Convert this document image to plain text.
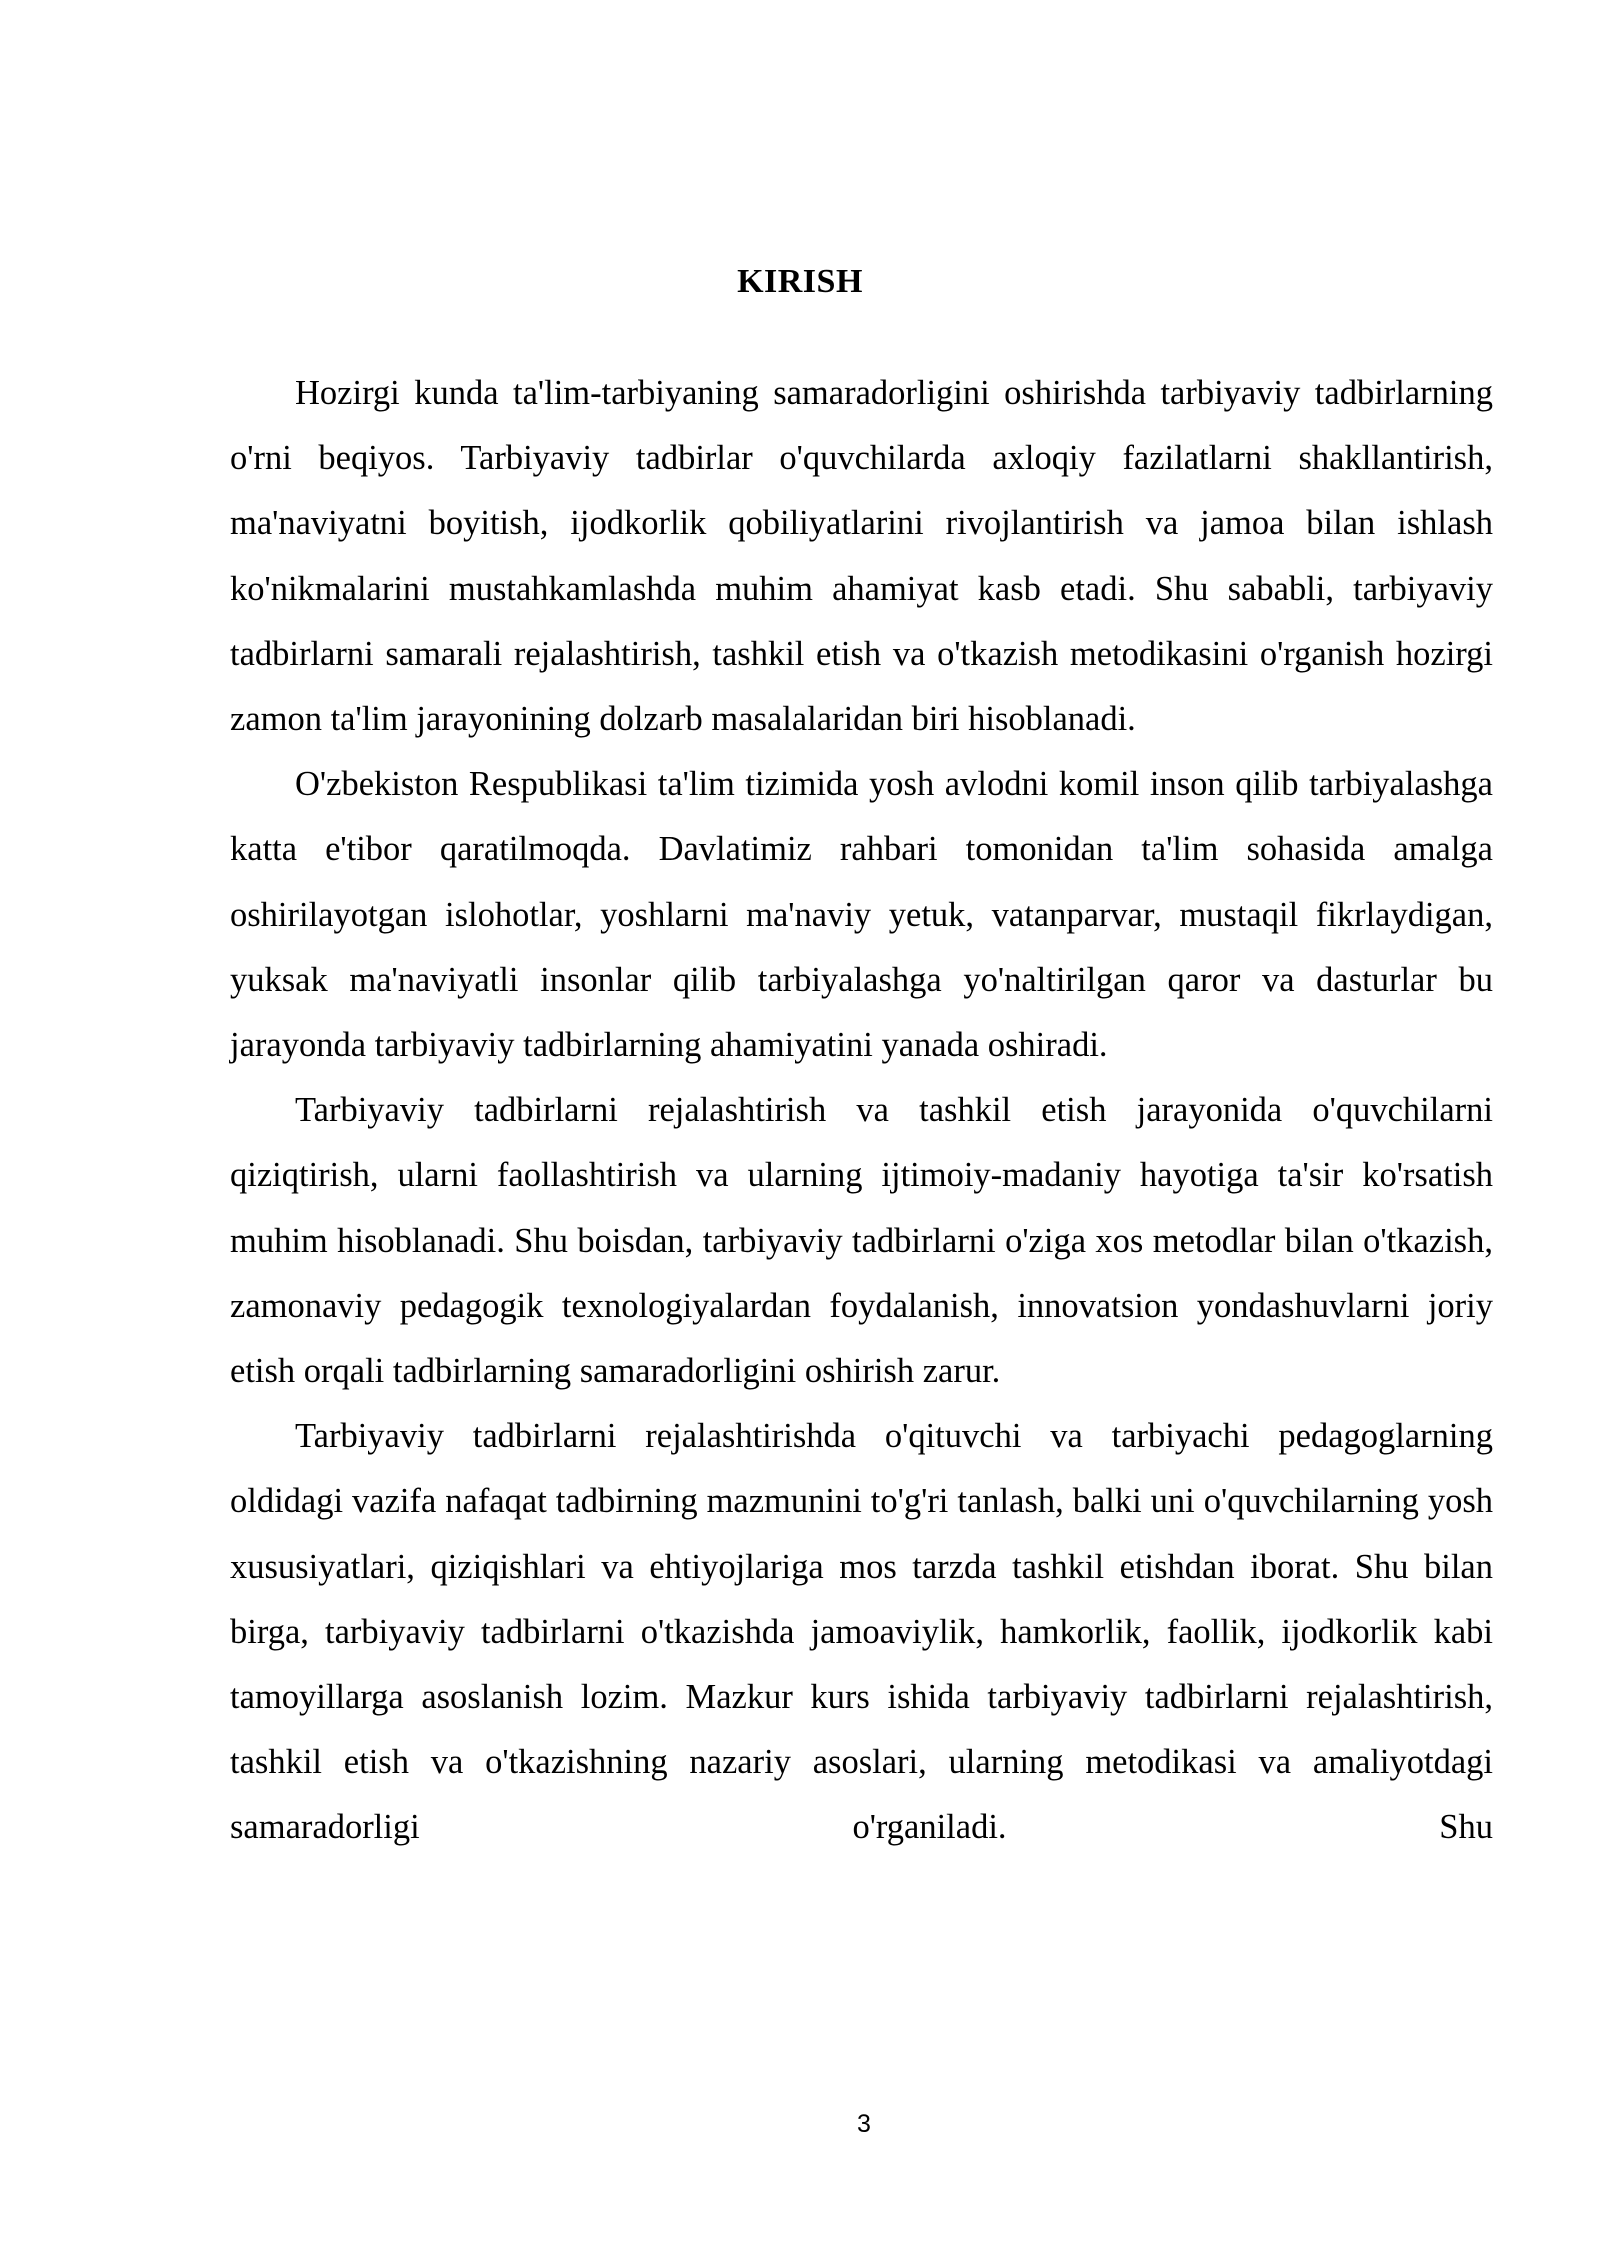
KIRISH

Hozirgi kunda ta'lim-tarbiyaning samaradorligini oshirishda tarbiyaviy tadbirlarning o'rni beqiyos. Tarbiyaviy tadbirlar o'quvchilarda axloqiy fazilatlarni shakllantirish, ma'naviyatni boyitish, ijodkorlik qobiliyatlarini rivojlantirish va jamoa bilan ishlash ko'nikmalarini mustahkamlashda muhim ahamiyat kasb etadi. Shu sababli, tarbiyaviy tadbirlarni samarali rejalashtirish, tashkil etish va o'tkazish metodikasini o'rganish hozirgi zamon ta'lim jarayonining dolzarb masalalaridan biri hisoblanadi.

O'zbekiston Respublikasi ta'lim tizimida yosh avlodni komil inson qilib tarbiyalashga katta e'tibor qaratilmoqda. Davlatimiz rahbari tomonidan ta'lim sohasida amalga oshirilayotgan islohotlar, yoshlarni ma'naviy yetuk, vatanparvar, mustaqil fikrlaydigan, yuksak ma'naviyatli insonlar qilib tarbiyalashga yo'naltirilgan qaror va dasturlar bu jarayonda tarbiyaviy tadbirlarning ahamiyatini yanada oshiradi.

Tarbiyaviy tadbirlarni rejalashtirish va tashkil etish jarayonida o'quvchilarni qiziqtirish, ularni faollashtirish va ularning ijtimoiy-madaniy hayotiga ta'sir ko'rsatish muhim hisoblanadi. Shu boisdan, tarbiyaviy tadbirlarni o'ziga xos metodlar bilan o'tkazish, zamonaviy pedagogik texnologiyalardan foydalanish, innovatsion yondashuvlarni joriy etish orqali tadbirlarning samaradorligini oshirish zarur.

Tarbiyaviy tadbirlarni rejalashtirishda o'qituvchi va tarbiyachi pedagoglarning oldidagi vazifa nafaqat tadbirning mazmunini to'g'ri tanlash, balki uni o'quvchilarning yosh xususiyatlari, qiziqishlari va ehtiyojlariga mos tarzda tashkil etishdan iborat. Shu bilan birga, tarbiyaviy tadbirlarni o'tkazishda jamoaviylik, hamkorlik, faollik, ijodkorlik kabi tamoyillarga asoslanish lozim. Mazkur kurs ishida tarbiyaviy tadbirlarni rejalashtirish, tashkil etish va o'tkazishning nazariy asoslari, ularning metodikasi va amaliyotdagi samaradorligi o'rganiladi. Shu

3
